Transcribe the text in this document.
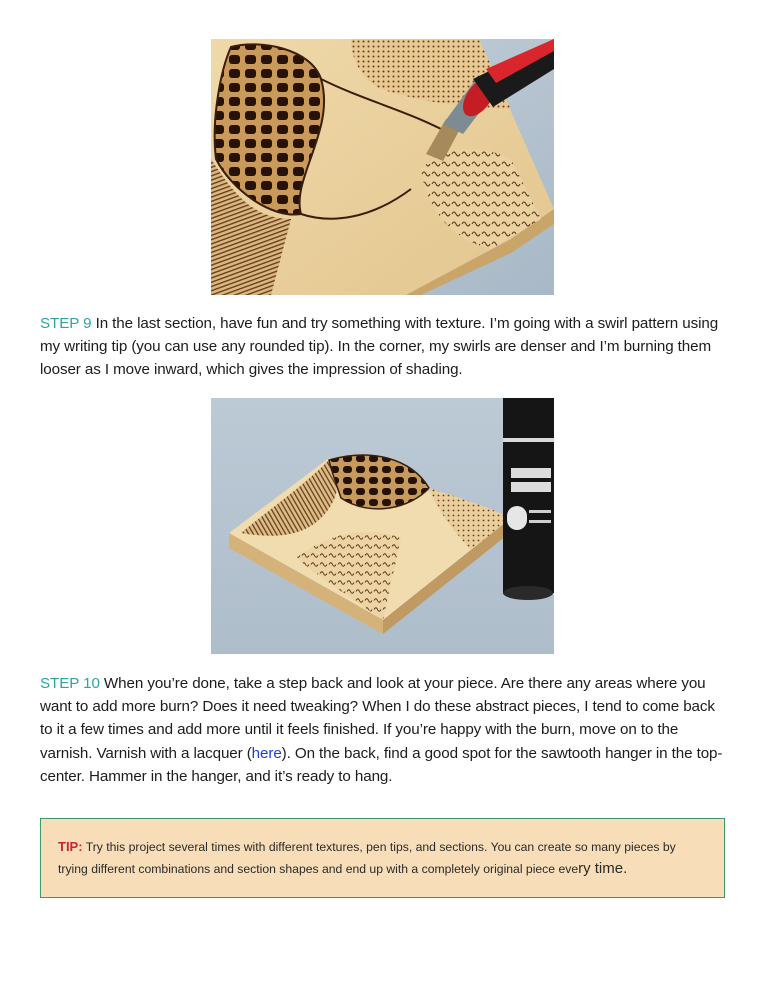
STEP 9 In the last section, have fun and try something with texture. I’m going with a swirl pattern using my writing tip (you can use any rounded tip). In the corner, my swirls are denser and I’m burning them looser as I move inward, which gives the impression of shading.

STEP 10 When you’re done, take a step back and look at your piece. Are there any areas where you want to add more burn? Does it need tweaking? When I do these abstract pieces, I tend to come back to it a few times and add more until it feels finished. If you’re happy with the burn, move on to the varnish. Varnish with a lacquer (here). On the back, find a good spot for the sawtooth hanger in the top-center. Hammer in the hanger, and it’s ready to hang.

TIP: Try this project several times with different textures, pen tips, and sections. You can create so many pieces by trying different combinations and section shapes and end up with a completely original piece every time.
